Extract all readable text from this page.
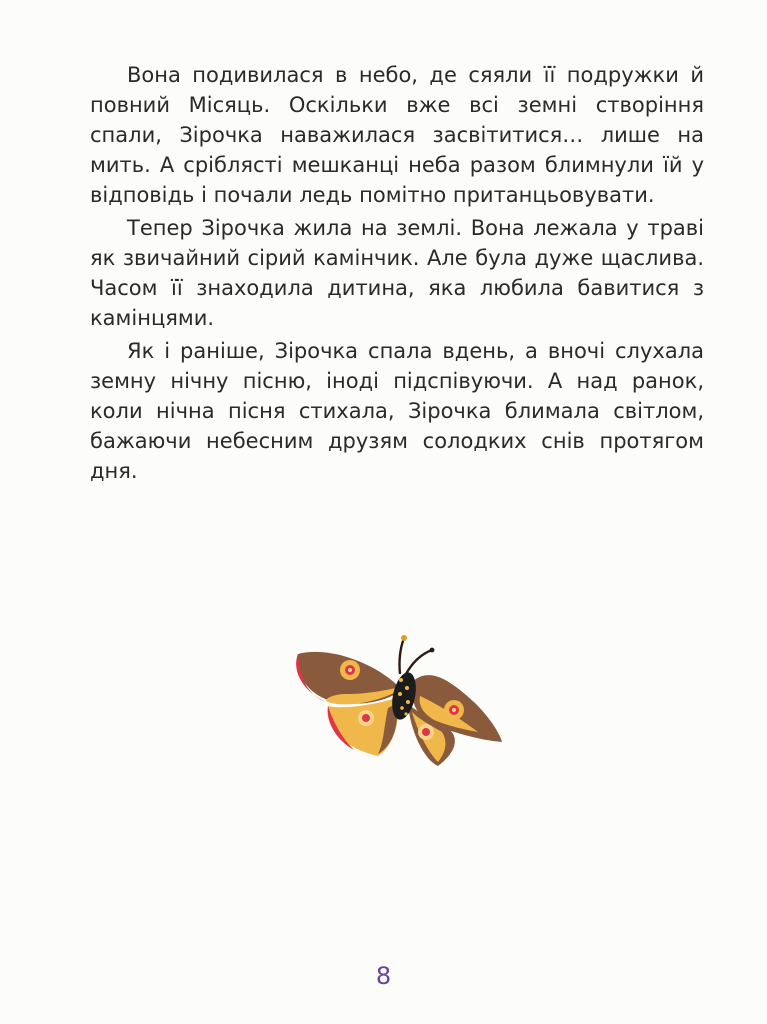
Вона подивилася в небо, де сяяли її подружки й повний Місяць. Оскільки вже всі земні створіння спали, Зірочка наважилася засвітитися… лише на мить. А сріблясті мешканці неба разом блимнули їй у відповідь і почали ледь помітно пританцьовувати.

Тепер Зірочка жила на землі. Вона лежала у траві як звичайний сірий камінчик. Але була дуже щаслива. Часом її знаходила дитина, яка любила бавитися з камінцями.

Як і раніше, Зірочка спала вдень, а вночі слухала земну нічну пісню, іноді підспівуючи. А над ранок, коли нічна пісня стихала, Зірочка блимала світлом, бажаючи небесним друзям солодких снів протягом дня.

8
